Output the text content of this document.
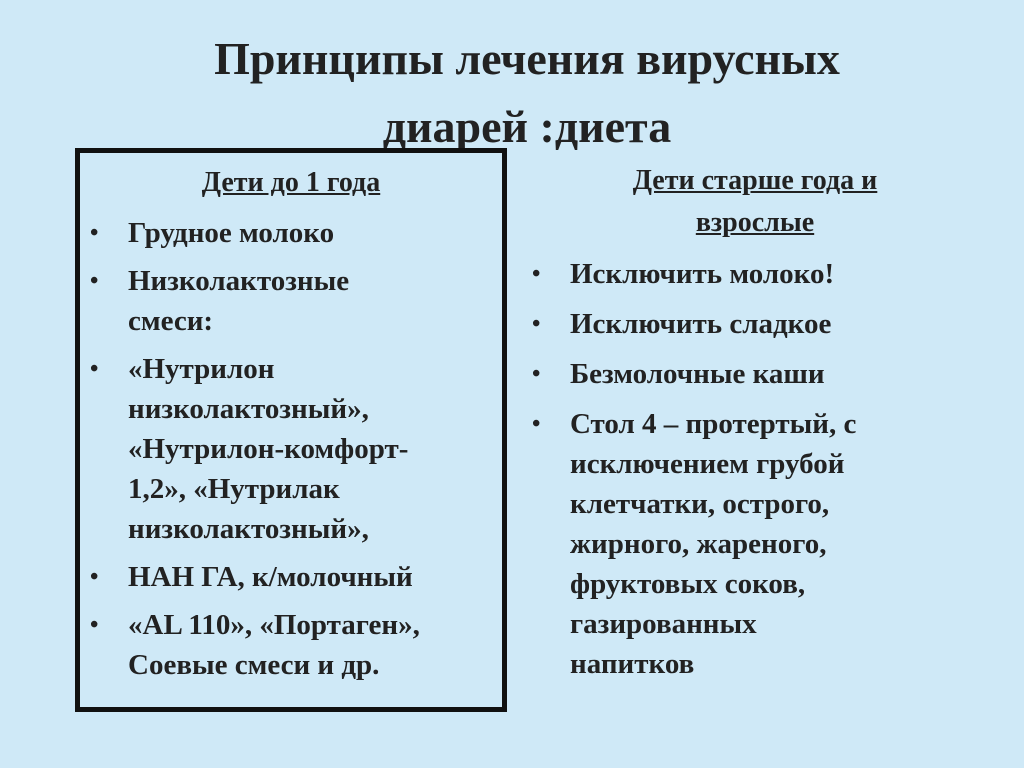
Принципы лечения вирусных
диарей :диета

Дети до 1 года

• Грудное молоко
• Низколактозные
смеси:
• «Нутрилон
низколактозный»,
«Нутрилон-комфорт-
1,2», «Нутрилак
низколактозный»,
• НАН ГА, к/молочный
• «AL 110», «Портаген»,
Соевые смеси и др.

Дети старше года и
взрослые

• Исключить молоко!
• Исключить сладкое
• Безмолочные каши
• Стол 4 – протертый, с
исключением грубой
клетчатки, острого,
жирного, жареного,
фруктовых соков,
газированных
напитков
